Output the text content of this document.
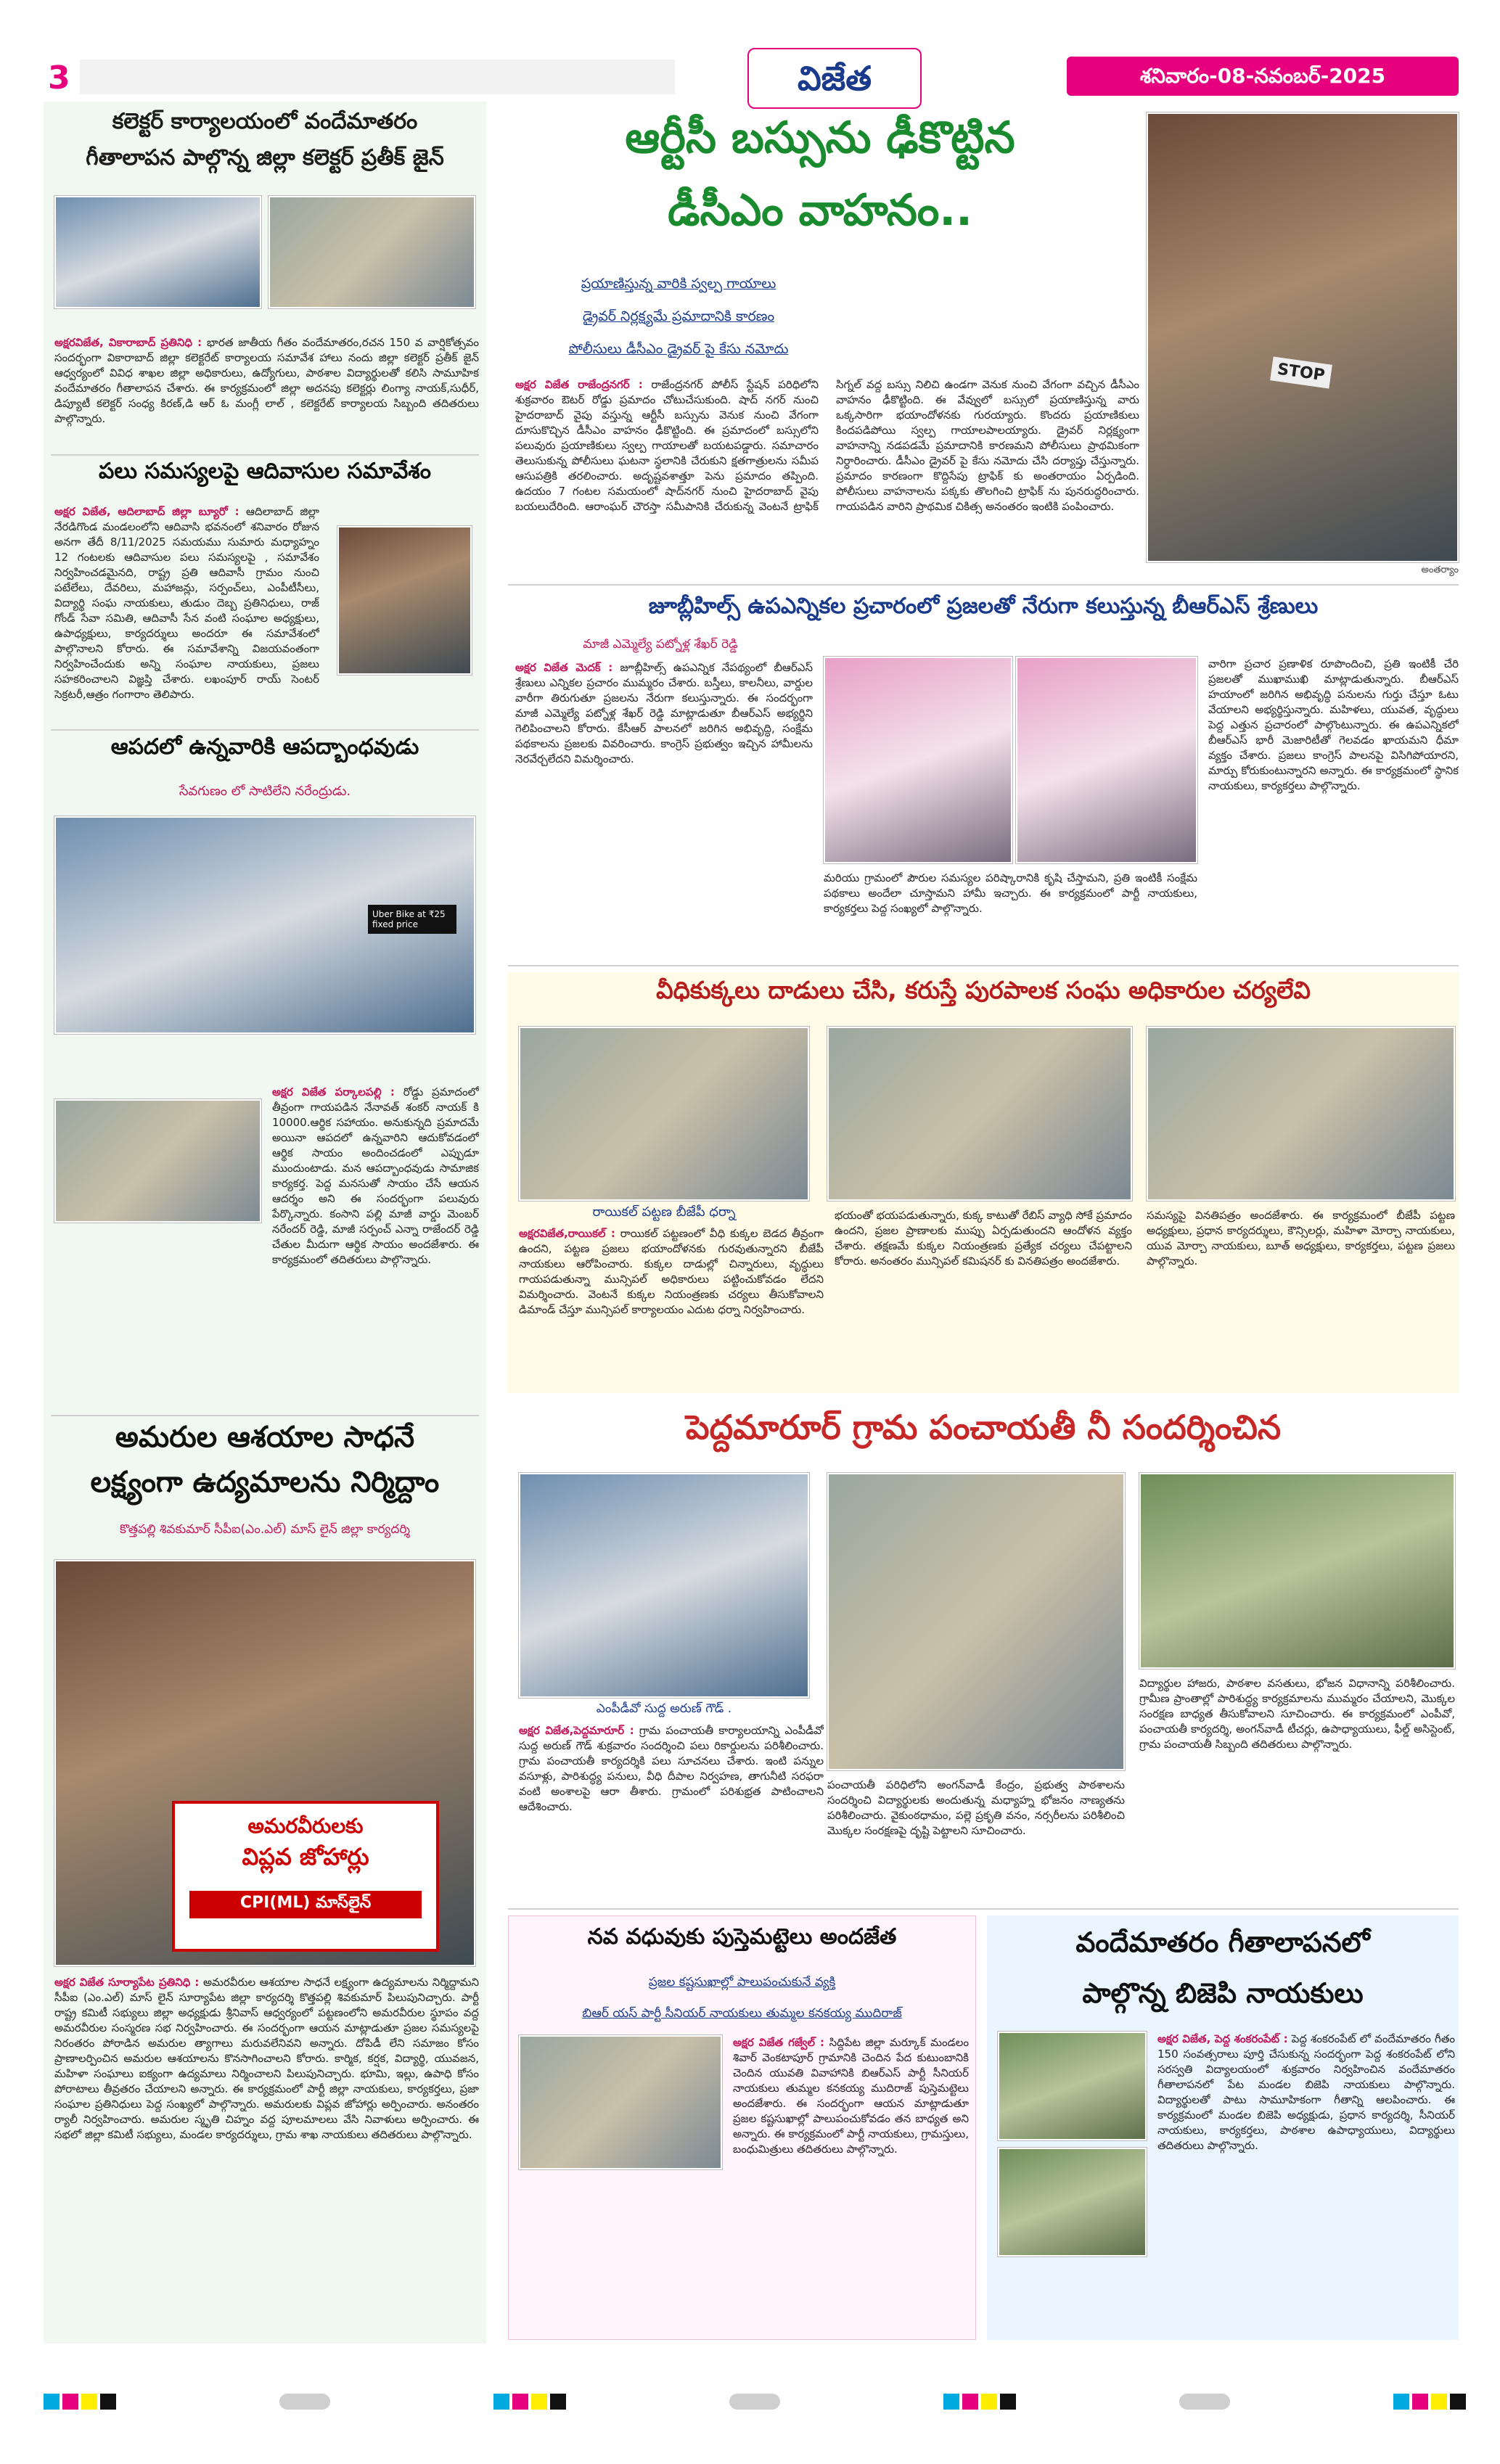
3	విజేత	శనివారం-08-నవంబర్-2025
కలెక్టర్ కార్యాలయంలో వందేమాతరం
గీతాలాపన పాల్గొన్న జిల్లా కలెక్టర్ ప్రతీక్ జైన్
అక్షరవిజేత, వికారాబాద్ ప్రతినిధి : భారత జాతీయ గీతం వందేమాతరం,రచన 150 వ వార్షికోత్సవం సందర్భంగా వికారాబాద్ జిల్లా కలెక్టరేట్ కార్యాలయ సమావేశ హాలు నందు జిల్లా కలెక్టర్ ప్రతీక్ జైన్ ఆధ్వర్యంలో వివిధ శాఖల జిల్లా అధికారులు, ఉద్యోగులు, పాఠశాల విద్యార్థులతో కలిసి సామూహిక వందేమాతరం గీతాలాపన చేశారు. ఈ కార్యక్రమంలో జిల్లా అదనపు కలెక్టర్లు లింగ్యా నాయక్,సుధీర్, డిప్యూటీ కలెక్టర్ సంధ్య కిరణ్,డి ఆర్ ఓ మంగ్లీ లాల్ , కలెక్టరేట్ కార్యాలయ సిబ్బంది తదితరులు పాల్గొన్నారు.
పలు సమస్యలపై ఆదివాసుల సమావేశం
అక్షర విజేత, ఆదిలాబాద్ జిల్లా బ్యూరో : ఆదిలాబాద్ జిల్లా నేరడిగొండ మండలంలోని ఆదివాసి భవనంలో శనివారం రోజున అనగా తేదీ 8/11/2025 సమయము సుమారు మధ్యాహ్నం 12 గంటలకు ఆదివాసుల పలు సమస్యలపై , సమావేశం నిర్వహించడమైనది, రాష్ట్ర ప్రతి ఆదివాసీ గ్రామం నుంచి పటేలేలు, దేవరిలు, మహాజన్లు, సర్పంచ్‌లు, ఎంపీటీసీలు, విద్యార్థి సంఘ నాయకులు, తుడుం దెబ్బ ప్రతినిధులు, రాజ్ గోండ్ సేవా సమితి, ఆదివాసీ సేన వంటి సంఘాల అధ్యక్షులు, ఉపాధ్యక్షులు, కార్యదర్శులు అందరూ ఈ సమావేశంలో పాల్గొనాలని కోరారు. ఈ సమావేశాన్ని విజయవంతంగా నిర్వహించేందుకు అన్ని సంఘాల నాయకులు, ప్రజలు సహకరించాలని విజ్ఞప్తి చేశారు. లఖంపూర్ రాయ్ సెంటర్ సెక్రటరీ,ఆత్రం గంగారాం తెలిపారు.
ఆపదలో ఉన్నవారికి ఆపద్బాంధవుడు
సేవగుణం లో సాటిలేని నరేంద్రుడు.
Uber Bike at ₹25 fixed price
అక్షర విజేత పర్కాలపల్లి : రోడ్డు ప్రమాదంలో తీవ్రంగా గాయపడిన నేనావత్ శంకర్ నాయక్ కి 10000.ఆర్థిక సహాయం. అనుకున్నది ప్రమాదమే అయినా ఆపదలో ఉన్నవారిని ఆదుకోవడంలో ఆర్థిక సాయం అందించడంలో ఎప్పుడూ ముందుంటాడు. మన ఆపద్బాంధవుడు సామాజిక కార్యకర్త. పెద్ద మనసుతో సాయం చేసే ఆయన ఆదర్శం అని ఈ సందర్భంగా పలువురు పేర్కొన్నారు. కంసాని పల్లి మాజీ వార్డు మెంబర్ నరేందర్ రెడ్డి, మాజీ సర్పంచ్ ఎన్నా రాజేందర్ రెడ్డి చేతుల మీదుగా ఆర్థిక సాయం అందజేశారు. ఈ కార్యక్రమంలో తదితరులు పాల్గొన్నారు.
అమరుల ఆశయాల సాధనే
లక్ష్యంగా ఉద్యమాలను నిర్మిద్దాం
కొత్తపల్లి శివకుమార్ సీపీఐ(ఎం.ఎల్) మాస్ లైన్ జిల్లా కార్యదర్శి
అమరవీరులకు
విప్లవ జోహార్లు
CPI(ML) మాస్‌లైన్
అక్షర విజేత సూర్యాపేట ప్రతినిధి : అమరవీరుల ఆశయాల సాధనే లక్ష్యంగా ఉద్యమాలను నిర్మిద్దామని సీపీఐ (ఎం.ఎల్) మాస్ లైన్ సూర్యాపేట జిల్లా కార్యదర్శి కొత్తపల్లి శివకుమార్ పిలుపునిచ్చారు. పార్టీ రాష్ట్ర కమిటీ సభ్యులు జిల్లా అధ్యక్షుడు శ్రీనివాస్ ఆధ్వర్యంలో పట్టణంలోని అమరవీరుల స్థూపం వద్ద అమరవీరుల సంస్మరణ సభ నిర్వహించారు. ఈ సందర్భంగా ఆయన మాట్లాడుతూ ప్రజల సమస్యలపై నిరంతరం పోరాడిన అమరుల త్యాగాలు మరువలేనివని అన్నారు. దోపిడీ లేని సమాజం కోసం ప్రాణాలర్పించిన అమరుల ఆశయాలను కొనసాగించాలని కోరారు. కార్మిక, కర్షక, విద్యార్థి, యువజన, మహిళా సంఘాలు ఐక్యంగా ఉద్యమాలు నిర్మించాలని పిలుపునిచ్చారు. భూమి, ఇల్లు, ఉపాధి కోసం పోరాటాలు తీవ్రతరం చేయాలని అన్నారు. ఈ కార్యక్రమంలో పార్టీ జిల్లా నాయకులు, కార్యకర్తలు, ప్రజా సంఘాల ప్రతినిధులు పెద్ద సంఖ్యలో పాల్గొన్నారు. అమరులకు విప్లవ జోహార్లు అర్పించారు. అనంతరం ర్యాలీ నిర్వహించారు. అమరుల స్మృతి చిహ్నం వద్ద పూలమాలలు వేసి నివాళులు అర్పించారు. ఈ సభలో జిల్లా కమిటీ సభ్యులు, మండల కార్యదర్శులు, గ్రామ శాఖ నాయకులు తదితరులు పాల్గొన్నారు.
ఆర్టీసీ బస్సును ఢీకొట్టిన
డీసీఎం వాహనం..
ప్రయాణిస్తున్న వారికి స్వల్ప గాయాలు
డ్రైవర్ నిర్లక్ష్యమే ప్రమాదానికి కారణం
పోలీసులు డీసీఎం డ్రైవర్ పై కేసు నమోదు
అక్షర విజేత రాజేంద్రనగర్ : రాజేంద్రనగర్ పోలీస్ స్టేషన్ పరిధిలోని శుక్రవారం ఔటర్ రోడ్డు ప్రమాదం చోటుచేసుకుంది. షాద్ నగర్ నుంచి హైదరాబాద్ వైపు వస్తున్న ఆర్టీసీ బస్సును వెనుక నుంచి వేగంగా దూసుకొచ్చిన డీసీఎం వాహనం ఢీకొట్టింది. ఈ ప్రమాదంలో బస్సులోని పలువురు ప్రయాణికులు స్వల్ప గాయాలతో బయటపడ్డారు. సమాచారం తెలుసుకున్న పోలీసులు ఘటనా స్థలానికి చేరుకుని క్షతగాత్రులను సమీప ఆసుపత్రికి తరలించారు. అదృష్టవశాత్తూ పెను ప్రమాదం తప్పింది. ఉదయం 7 గంటల సమయంలో షాద్‌నగర్ నుంచి హైదరాబాద్ వైపు బయలుదేరింది. ఆరాంఘర్ చౌరస్తా సమీపానికి చేరుకున్న వెంటనే ట్రాఫిక్ సిగ్నల్ వద్ద బస్సు నిలిచి ఉండగా వెనుక నుంచి వేగంగా వచ్చిన డీసీఎం వాహనం ఢీకొట్టింది. ఈ వేవ్వులో బస్సులో ప్రయాణిస్తున్న వారు ఒక్కసారిగా భయాందోళనకు గురయ్యారు. కొందరు ప్రయాణికులు కిందపడిపోయి స్వల్ప గాయాలపాలయ్యారు. డ్రైవర్ నిర్లక్ష్యంగా వాహనాన్ని నడపడమే ప్రమాదానికి కారణమని పోలీసులు ప్రాథమికంగా నిర్ధారించారు. డీసీఎం డ్రైవర్ పై కేసు నమోదు చేసి దర్యాప్తు చేస్తున్నారు. ప్రమాదం కారణంగా కొద్దిసేపు ట్రాఫిక్ కు అంతరాయం ఏర్పడింది. పోలీసులు వాహనాలను పక్కకు తొలగించి ట్రాఫిక్ ను పునరుద్ధరించారు. గాయపడిన వారిని ప్రాథమిక చికిత్స అనంతరం ఇంటికి పంపించారు.
STOP
అంతర్యాం
జూబ్లీహిల్స్ ఉపఎన్నికల ప్రచారంలో ప్రజలతో నేరుగా కలుస్తున్న బీఆర్ఎస్ శ్రేణులు
మాజీ ఎమ్మెల్యే పట్నోళ్ల శేఖర్ రెడ్డి
అక్షర విజేత మెదక్ : జూబ్లీహిల్స్ ఉపఎన్నిక నేపథ్యంలో బీఆర్ఎస్ శ్రేణులు ఎన్నికల ప్రచారం ముమ్మరం చేశారు. బస్తీలు, కాలనీలు, వార్డుల వారీగా తిరుగుతూ ప్రజలను నేరుగా కలుస్తున్నారు. ఈ సందర్భంగా మాజీ ఎమ్మెల్యే పట్నోళ్ల శేఖర్ రెడ్డి మాట్లాడుతూ బీఆర్ఎస్ అభ్యర్థిని గెలిపించాలని కోరారు. కేసీఆర్ పాలనలో జరిగిన అభివృద్ధి, సంక్షేమ పథకాలను ప్రజలకు వివరించారు. కాంగ్రెస్ ప్రభుత్వం ఇచ్చిన హామీలను నెరవేర్చలేదని విమర్శించారు.
మరియు గ్రామంలో పౌరుల సమస్యల పరిష్కారానికి కృషి చేస్తామని, ప్రతి ఇంటికీ సంక్షేమ పథకాలు అందేలా చూస్తామని హామీ ఇచ్చారు. ఈ కార్యక్రమంలో పార్టీ నాయకులు, కార్యకర్తలు పెద్ద సంఖ్యలో పాల్గొన్నారు.
వారిగా ప్రచార ప్రణాళిక రూపొందించి, ప్రతి ఇంటికీ చేరి ప్రజలతో ముఖాముఖి మాట్లాడుతున్నారు. బీఆర్ఎస్ హయాంలో జరిగిన అభివృద్ధి పనులను గుర్తు చేస్తూ ఓటు వేయాలని అభ్యర్థిస్తున్నారు. మహిళలు, యువత, వృద్ధులు పెద్ద ఎత్తున ప్రచారంలో పాల్గొంటున్నారు. ఈ ఉపఎన్నికలో బీఆర్ఎస్ భారీ మెజారిటీతో గెలవడం ఖాయమని ధీమా వ్యక్తం చేశారు. ప్రజలు కాంగ్రెస్ పాలనపై విసిగిపోయారని, మార్పు కోరుకుంటున్నారని అన్నారు. ఈ కార్యక్రమంలో స్థానిక నాయకులు, కార్యకర్తలు పాల్గొన్నారు.
వీధికుక్కలు దాడులు చేసి, కరుస్తే పురపాలక సంఘ అధికారుల చర్యలేవి
రాయికల్ పట్టణ బీజేపీ ధర్నా
అక్షరవిజేత,రాయికల్ : రాయికల్ పట్టణంలో వీధి కుక్కల బెడద తీవ్రంగా ఉందని, పట్టణ ప్రజలు భయాందోళనకు గురవుతున్నారని బీజేపీ నాయకులు ఆరోపించారు. కుక్కల దాడుల్లో చిన్నారులు, వృద్ధులు గాయపడుతున్నా మున్సిపల్ అధికారులు పట్టించుకోవడం లేదని విమర్శించారు. వెంటనే కుక్కల నియంత్రణకు చర్యలు తీసుకోవాలని డిమాండ్ చేస్తూ మున్సిపల్ కార్యాలయం ఎదుట ధర్నా నిర్వహించారు.
భయంతో భయపడుతున్నారు, కుక్క కాటుతో రేబిస్ వ్యాధి సోకే ప్రమాదం ఉందని, ప్రజల ప్రాణాలకు ముప్పు ఏర్పడుతుందని ఆందోళన వ్యక్తం చేశారు. తక్షణమే కుక్కల నియంత్రణకు ప్రత్యేక చర్యలు చేపట్టాలని కోరారు. అనంతరం మున్సిపల్ కమిషనర్ కు వినతిపత్రం అందజేశారు.
సమస్యపై వినతిపత్రం అందజేశారు. ఈ కార్యక్రమంలో బీజేపీ పట్టణ అధ్యక్షులు, ప్రధాన కార్యదర్శులు, కౌన్సిలర్లు, మహిళా మోర్చా నాయకులు, యువ మోర్చా నాయకులు, బూత్ అధ్యక్షులు, కార్యకర్తలు, పట్టణ ప్రజలు పాల్గొన్నారు.
పెద్దమారూర్ గ్రామ పంచాయతీ నీ సందర్శించిన
ఎంపీడీవో సుద్ద అరుణ్ గౌడ్ .
అక్షర విజేత,పెద్దమారూర్ : గ్రామ పంచాయతీ కార్యాలయాన్ని ఎంపీడీవో సుద్ద అరుణ్ గౌడ్ శుక్రవారం సందర్శించి పలు రికార్డులను పరిశీలించారు. గ్రామ పంచాయతీ కార్యదర్శికి పలు సూచనలు చేశారు. ఇంటి పన్నుల వసూళ్లు, పారిశుద్ధ్య పనులు, వీధి దీపాల నిర్వహణ, తాగునీటి సరఫరా వంటి అంశాలపై ఆరా తీశారు. గ్రామంలో పరిశుభ్రత పాటించాలని ఆదేశించారు.
పంచాయతీ పరిధిలోని అంగన్‌వాడీ కేంద్రం, ప్రభుత్వ పాఠశాలను సందర్శించి విద్యార్థులకు అందుతున్న మధ్యాహ్న భోజనం నాణ్యతను పరిశీలించారు. వైకుంఠధామం, పల్లె ప్రకృతి వనం, నర్సరీలను పరిశీలించి మొక్కల సంరక్షణపై దృష్టి పెట్టాలని సూచించారు.
విద్యార్థుల హాజరు, పాఠశాల వసతులు, భోజన విధానాన్ని పరిశీలించారు. గ్రామీణ ప్రాంతాల్లో పారిశుద్ధ్య కార్యక్రమాలను ముమ్మరం చేయాలని, మొక్కల సంరక్షణ బాధ్యత తీసుకోవాలని సూచించారు. ఈ కార్యక్రమంలో ఎంపీవో, పంచాయతీ కార్యదర్శి, అంగన్‌వాడీ టీచర్లు, ఉపాధ్యాయులు, ఫీల్డ్ అసిస్టెంట్, గ్రామ పంచాయతీ సిబ్బంది తదితరులు పాల్గొన్నారు.
నవ వధువుకు పుస్తెమట్టెలు అందజేత
ప్రజల కష్టసుఖాల్లో పాలుపంచుకునే వ్యక్తి
బిఆర్ యస్ పార్టీ సీనియర్ నాయకులు తుమ్మల కనకయ్య ముదిరాజ్
అక్షర విజేత గజ్వేల్ : సిద్దిపేట జిల్లా మర్కూక్ మండలం శివార్ వెంకటాపూర్ గ్రామానికి చెందిన పేద కుటుంబానికి చెందిన యువతి వివాహానికి బిఆర్ఎస్ పార్టీ సీనియర్ నాయకులు తుమ్మల కనకయ్య ముదిరాజ్ పుస్తెమట్టెలు అందజేశారు. ఈ సందర్భంగా ఆయన మాట్లాడుతూ ప్రజల కష్టసుఖాల్లో పాలుపంచుకోవడం తన బాధ్యత అని అన్నారు. ఈ కార్యక్రమంలో పార్టీ నాయకులు, గ్రామస్తులు, బంధుమిత్రులు తదితరులు పాల్గొన్నారు.
వందేమాతరం గీతాలాపనలో
పాల్గొన్న బిజెపి నాయకులు
అక్షర విజేత, పెద్ద శంకరంపేట్ : పెద్ద శంకరంపేట్ లో వందేమాతరం గీతం 150 సంవత్సరాలు పూర్తి చేసుకున్న సందర్భంగా పెద్ద శంకరంపేట్ లోని సరస్వతి విద్యాలయంలో శుక్రవారం నిర్వహించిన వందేమాతరం గీతాలాపనలో పేట మండల బిజెపి నాయకులు పాల్గొన్నారు. విద్యార్థులతో పాటు సామూహికంగా గీతాన్ని ఆలపించారు. ఈ కార్యక్రమంలో మండల బిజెపి అధ్యక్షుడు, ప్రధాన కార్యదర్శి, సీనియర్ నాయకులు, కార్యకర్తలు, పాఠశాల ఉపాధ్యాయులు, విద్యార్థులు తదితరులు పాల్గొన్నారు.
